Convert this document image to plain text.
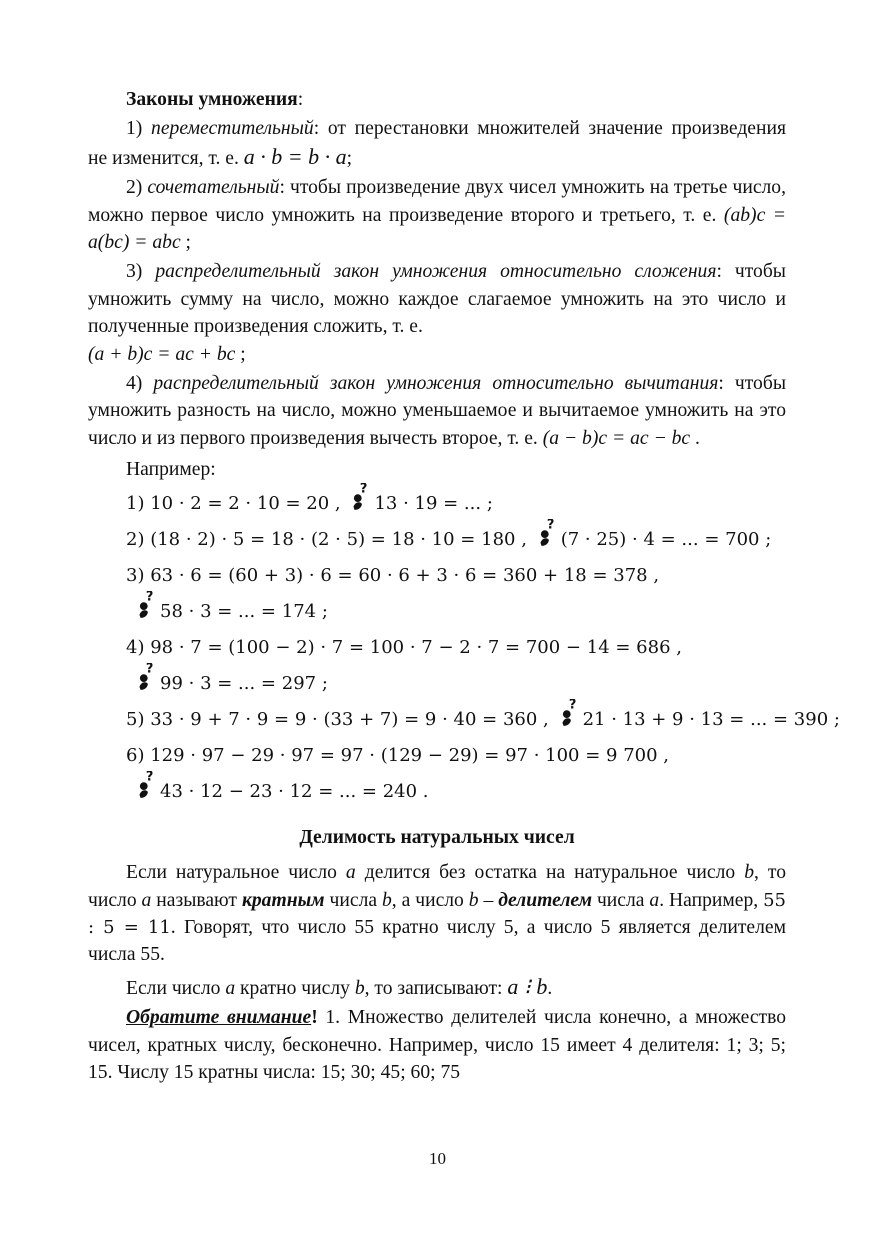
Законы умножения:

1) переместительный: от перестановки множителей значение произведения не изменится, т. е. a · b = b · a;

2) сочетательный: чтобы произведение двух чисел умножить на третье число, можно первое число умножить на произведение второго и третьего, т. е. (ab)c = a(bc) = abc ;

3) распределительный закон умножения относительно сложения: чтобы умножить сумму на число, можно каждое слагаемое умножить на это число и полученные произведения сложить, т. е.
(a + b)c = ac + bc ;

4) распределительный закон умножения относительно вычитания: чтобы умножить разность на число, можно уменьшаемое и вычитаемое умножить на это число и из первого произведения вычесть второе, т. е. (a − b)c = ac − bc .

Например:

1) 10 · 2 = 2 · 10 = 20 , 13 · 19 = ... ;

2) (18 · 2) · 5 = 18 · (2 · 5) = 18 · 10 = 180 , (7 · 25) · 4 = ... = 700 ;

3) 63 · 6 = (60 + 3) · 6 = 60 · 6 + 3 · 6 = 360 + 18 = 378 ,

58 · 3 = ... = 174 ;

4) 98 · 7 = (100 − 2) · 7 = 100 · 7 − 2 · 7 = 700 − 14 = 686 ,

99 · 3 = ... = 297 ;

5) 33 · 9 + 7 · 9 = 9 · (33 + 7) = 9 · 40 = 360 , 21 · 13 + 9 · 13 = ... = 390 ;

6) 129 · 97 − 29 · 97 = 97 · (129 − 29) = 97 · 100 = 9 700 ,

43 · 12 − 23 · 12 = ... = 240 .

Делимость натуральных чисел

Если натуральное число a делится без остатка на натуральное число b, то число a называют кратным числа b, а число b – делителем числа a. Например, 55 : 5 = 11. Говорят, что число 55 кратно числу 5, а число 5 является делителем числа 55.

Если число a кратно числу b, то записывают: a ⁝ b.

Обратите внимание! 1. Множество делителей числа конечно, а множество чисел, кратных числу, бесконечно. Например, число 15 имеет 4 делителя: 1; 3; 5; 15. Числу 15 кратны числа: 15; 30; 45; 60; 75

10
